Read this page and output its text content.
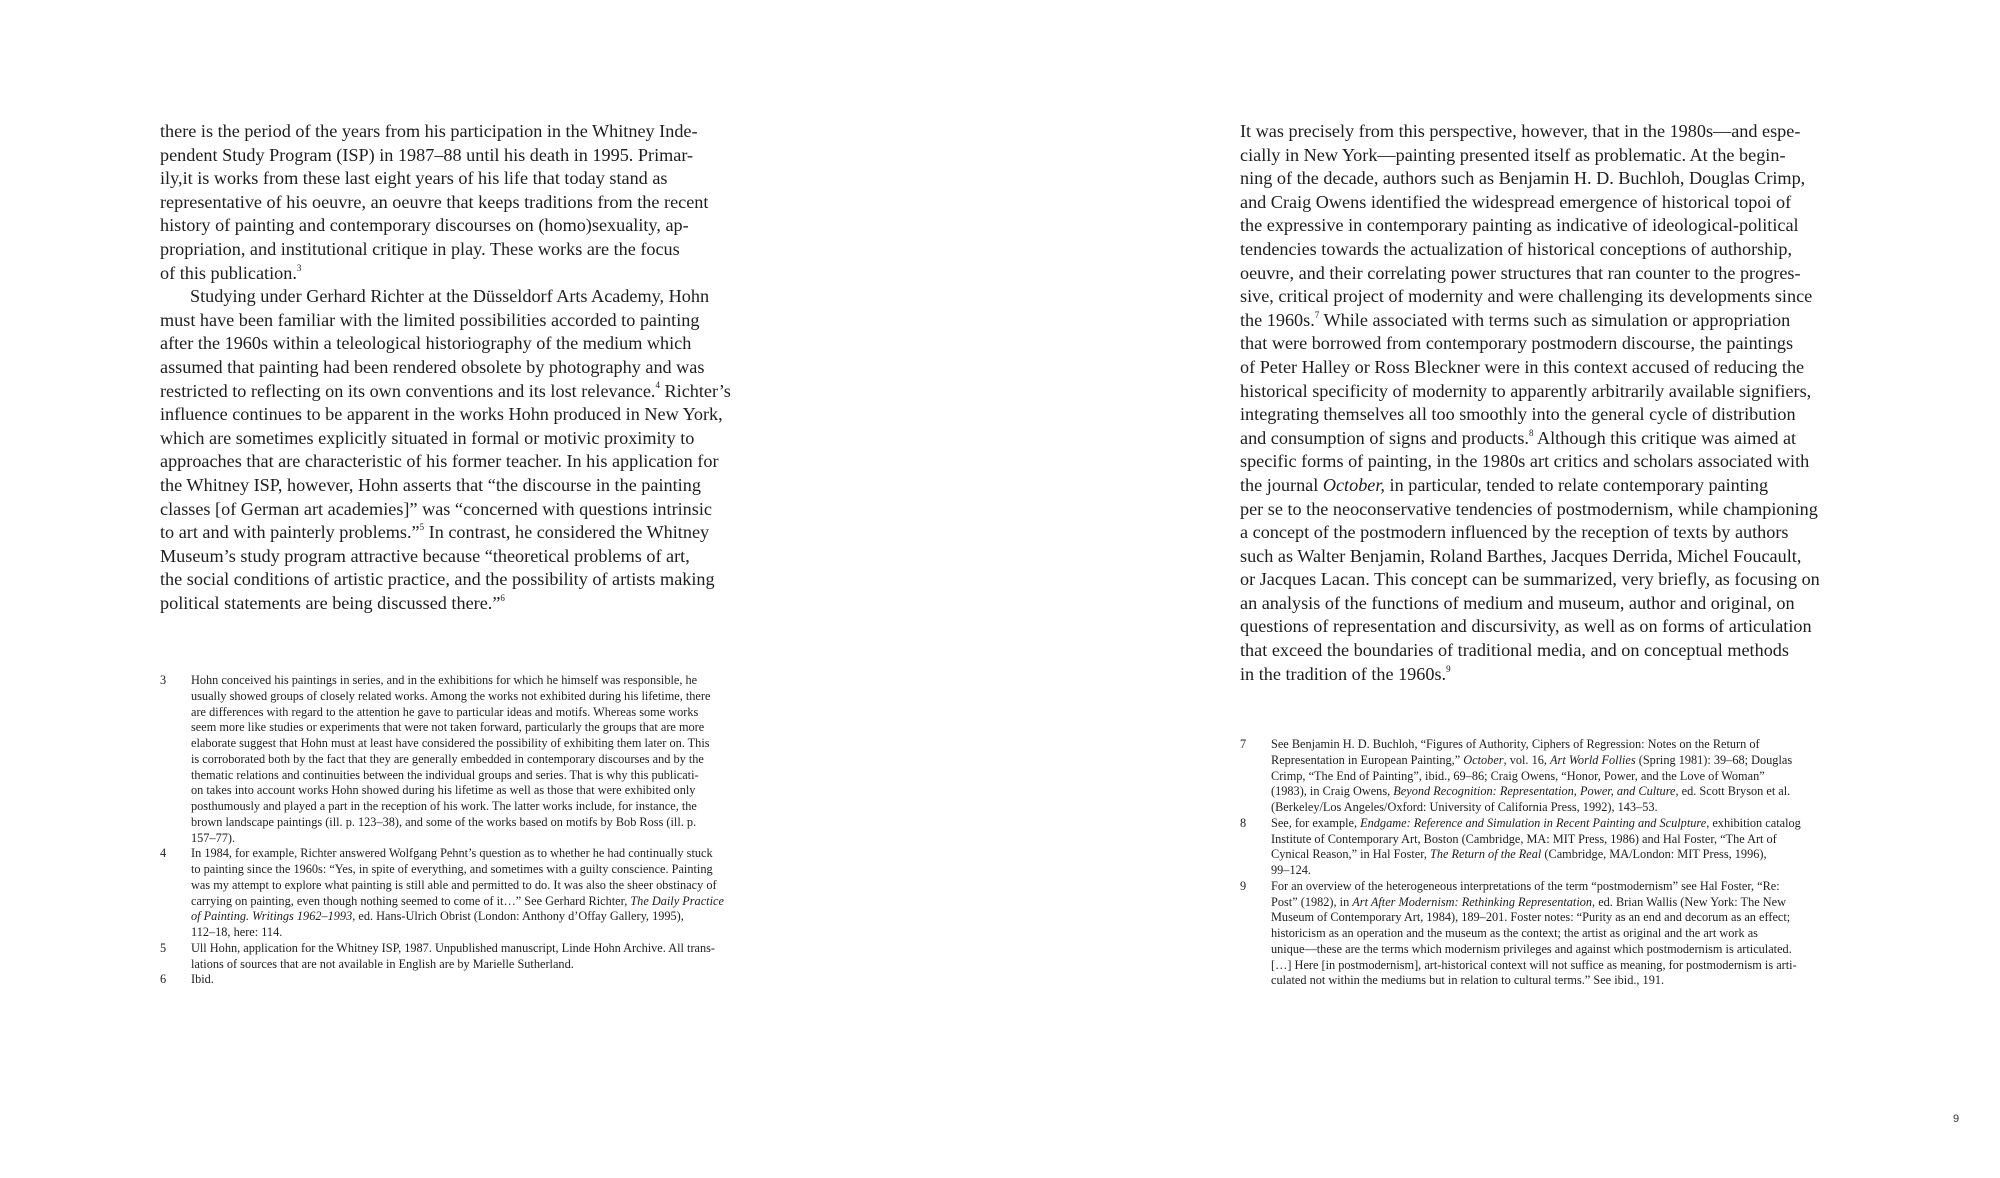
there is the period of the years from his participation in the Whitney Inde-
pendent Study Program (ISP) in 1987–88 until his death in 1995. Primar-
ily,it is works from these last eight years of his life that today stand as
representative of his oeuvre, an oeuvre that keeps traditions from the recent
history of painting and contemporary discourses on (homo)sexuality, ap-
propriation, and institutional critique in play. These works are the focus
of this publication.$^3$
Studying under Gerhard Richter at the Düsseldorf Arts Academy, Hohn
must have been familiar with the limited possibilities accorded to painting
after the 1960s within a teleological historiography of the medium which
assumed that painting had been rendered obsolete by photography and was
restricted to reflecting on its own conventions and its lost relevance.$^4$ Richter’s
influence continues to be apparent in the works Hohn produced in New York,
which are sometimes explicitly situated in formal or motivic proximity to
approaches that are characteristic of his former teacher. In his application for
the Whitney ISP, however, Hohn asserts that “the discourse in the painting
classes [of German art academies]” was “concerned with questions intrinsic
to art and with painterly problems.”$^5$ In contrast, he considered the Whitney
Museum’s study program attractive because “theoretical problems of art,
the social conditions of artistic practice, and the possibility of artists making
political statements are being discussed there.”$^6$
3	Hohn conceived his paintings in series, and in the exhibitions for which he himself was responsible, he
usually showed groups of closely related works. Among the works not exhibited during his lifetime, there
are differences with regard to the attention he gave to particular ideas and motifs. Whereas some works
seem more like studies or experiments that were not taken forward, particularly the groups that are more
elaborate suggest that Hohn must at least have considered the possibility of exhibiting them later on. This
is corroborated both by the fact that they are generally embedded in contemporary discourses and by the
thematic relations and continuities between the individual groups and series. That is why this publicati-
on takes into account works Hohn showed during his lifetime as well as those that were exhibited only
posthumously and played a part in the reception of his work. The latter works include, for instance, the
brown landscape paintings (ill. p. 123–38), and some of the works based on motifs by Bob Ross (ill. p.
157–77).
4	In 1984, for example, Richter answered Wolfgang Pehnt’s question as to whether he had continually stuck
to painting since the 1960s: “Yes, in spite of everything, and sometimes with a guilty conscience. Painting
was my attempt to explore what painting is still able and permitted to do. It was also the sheer obstinacy of
carrying on painting, even though nothing seemed to come of it…” See Gerhard Richter, The Daily Practice
of Painting. Writings 1962–1993, ed. Hans-Ulrich Obrist (London: Anthony d’Offay Gallery, 1995),
112–18, here: 114.
5	Ull Hohn, application for the Whitney ISP, 1987. Unpublished manuscript, Linde Hohn Archive. All trans-
lations of sources that are not available in English are by Marielle Sutherland.
6	Ibid.
It was precisely from this perspective, however, that in the 1980s—and espe-
cially in New York—painting presented itself as problematic. At the begin-
ning of the decade, authors such as Benjamin H. D. Buchloh, Douglas Crimp,
and Craig Owens identified the widespread emergence of historical topoi of
the expressive in contemporary painting as indicative of ideological-political
tendencies towards the actualization of historical conceptions of authorship,
oeuvre, and their correlating power structures that ran counter to the progres-
sive, critical project of modernity and were challenging its developments since
the 1960s.$^7$ While associated with terms such as simulation or appropriation
that were borrowed from contemporary postmodern discourse, the paintings
of Peter Halley or Ross Bleckner were in this context accused of reducing the
historical specificity of modernity to apparently arbitrarily available signifiers,
integrating themselves all too smoothly into the general cycle of distribution
and consumption of signs and products.$^8$ Although this critique was aimed at
specific forms of painting, in the 1980s art critics and scholars associated with
the journal October, in particular, tended to relate contemporary painting
per se to the neoconservative tendencies of postmodernism, while championing
a concept of the postmodern influenced by the reception of texts by authors
such as Walter Benjamin, Roland Barthes, Jacques Derrida, Michel Foucault,
or Jacques Lacan. This concept can be summarized, very briefly, as focusing on
an analysis of the functions of medium and museum, author and original, on
questions of representation and discursivity, as well as on forms of articulation
that exceed the boundaries of traditional media, and on conceptual methods
in the tradition of the 1960s.$^9$
7	See Benjamin H. D. Buchloh, “Figures of Authority, Ciphers of Regression: Notes on the Return of
Representation in European Painting,” October, vol. 16, Art World Follies (Spring 1981): 39–68; Douglas
Crimp, “The End of Painting”, ibid., 69–86; Craig Owens, “Honor, Power, and the Love of Woman”
(1983), in Craig Owens, Beyond Recognition: Representation, Power, and Culture, ed. Scott Bryson et al.
(Berkeley/Los Angeles/Oxford: University of California Press, 1992), 143–53.
8	See, for example, Endgame: Reference and Simulation in Recent Painting and Sculpture, exhibition catalog
Institute of Contemporary Art, Boston (Cambridge, MA: MIT Press, 1986) and Hal Foster, “The Art of
Cynical Reason,” in Hal Foster, The Return of the Real (Cambridge, MA/London: MIT Press, 1996),
99–124.
9	For an overview of the heterogeneous interpretations of the term “postmodernism” see Hal Foster, “Re:
Post” (1982), in Art After Modernism: Rethinking Representation, ed. Brian Wallis (New York: The New
Museum of Contemporary Art, 1984), 189–201. Foster notes: “Purity as an end and decorum as an effect;
historicism as an operation and the museum as the context; the artist as original and the art work as
unique—these are the terms which modernism privileges and against which postmodernism is articulated.
[…] Here [in postmodernism], art-historical context will not suffice as meaning, for postmodernism is arti-
culated not within the mediums but in relation to cultural terms.” See ibid., 191.
9
